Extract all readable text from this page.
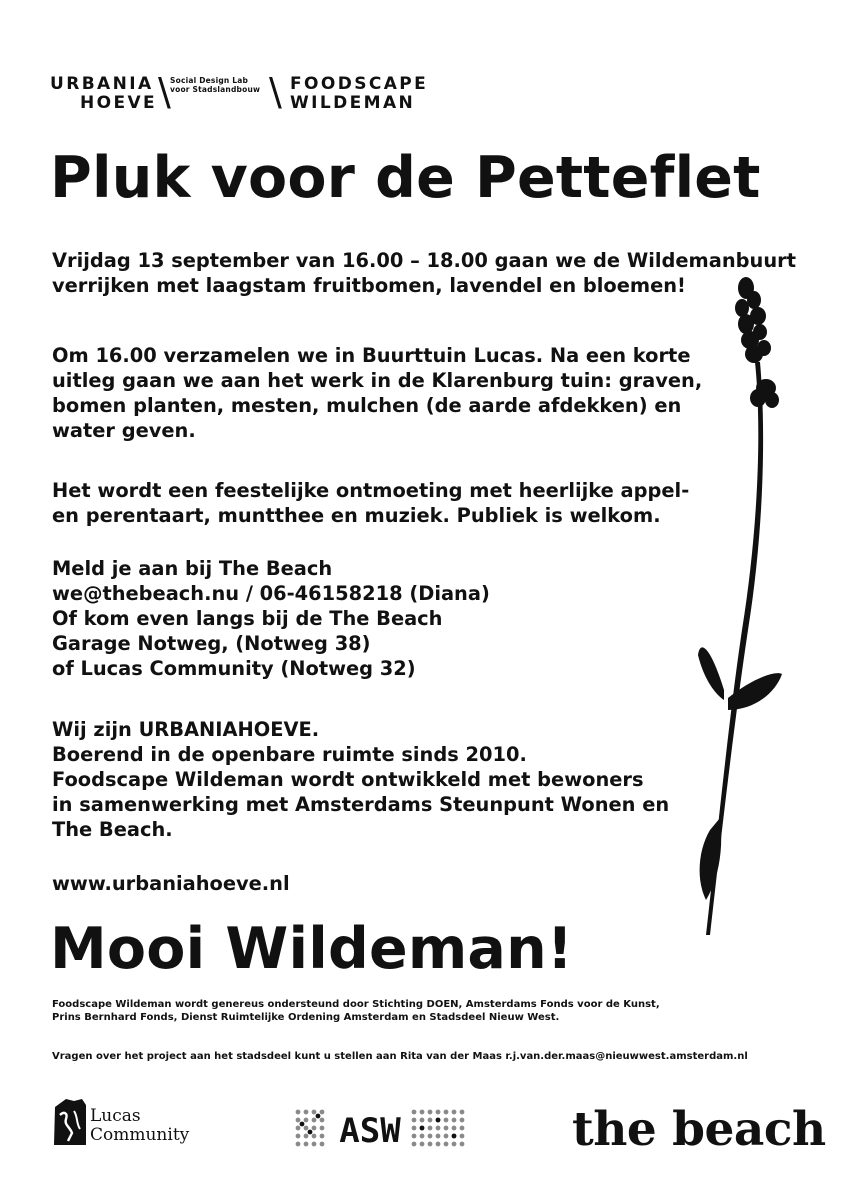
URBANIA
HOEVE \ Social Design Lab
voor Stadslandbouw \ FOODSCAPE
WILDEMAN
Pluk voor de Petteflet
Vrijdag 13 september van 16.00 – 18.00 gaan we de Wildemanbuurt
verrijken met laagstam fruitbomen, lavendel en bloemen!
Om 16.00 verzamelen we in Buurttuin Lucas. Na een korte
uitleg gaan we aan het werk in de Klarenburg tuin: graven,
bomen planten, mesten, mulchen (de aarde afdekken) en
water geven.
Het wordt een feestelijke ontmoeting met heerlijke appel-
en perentaart, muntthee en muziek. Publiek is welkom.
Meld je aan bij The Beach
we@thebeach.nu / 06-46158218 (Diana)
Of kom even langs bij de The Beach
Garage Notweg, (Notweg 38)
of Lucas Community (Notweg 32)
Wij zijn URBANIAHOEVE.
Boerend in de openbare ruimte sinds 2010.
Foodscape Wildeman wordt ontwikkeld met bewoners
in samenwerking met Amsterdams Steunpunt Wonen en
The Beach.
www.urbaniahoeve.nl
Mooi Wildeman!
Foodscape Wildeman wordt genereus ondersteund door Stichting DOEN, Amsterdams Fonds voor de Kunst,
Prins Bernhard Fonds, Dienst Ruimtelijke Ordening Amsterdam en Stadsdeel Nieuw West.
Vragen over het project aan het stadsdeel kunt u stellen aan Rita van der Maas r.j.van.der.maas@nieuwwest.amsterdam.nl
Lucas
Community	ASW	the beach
